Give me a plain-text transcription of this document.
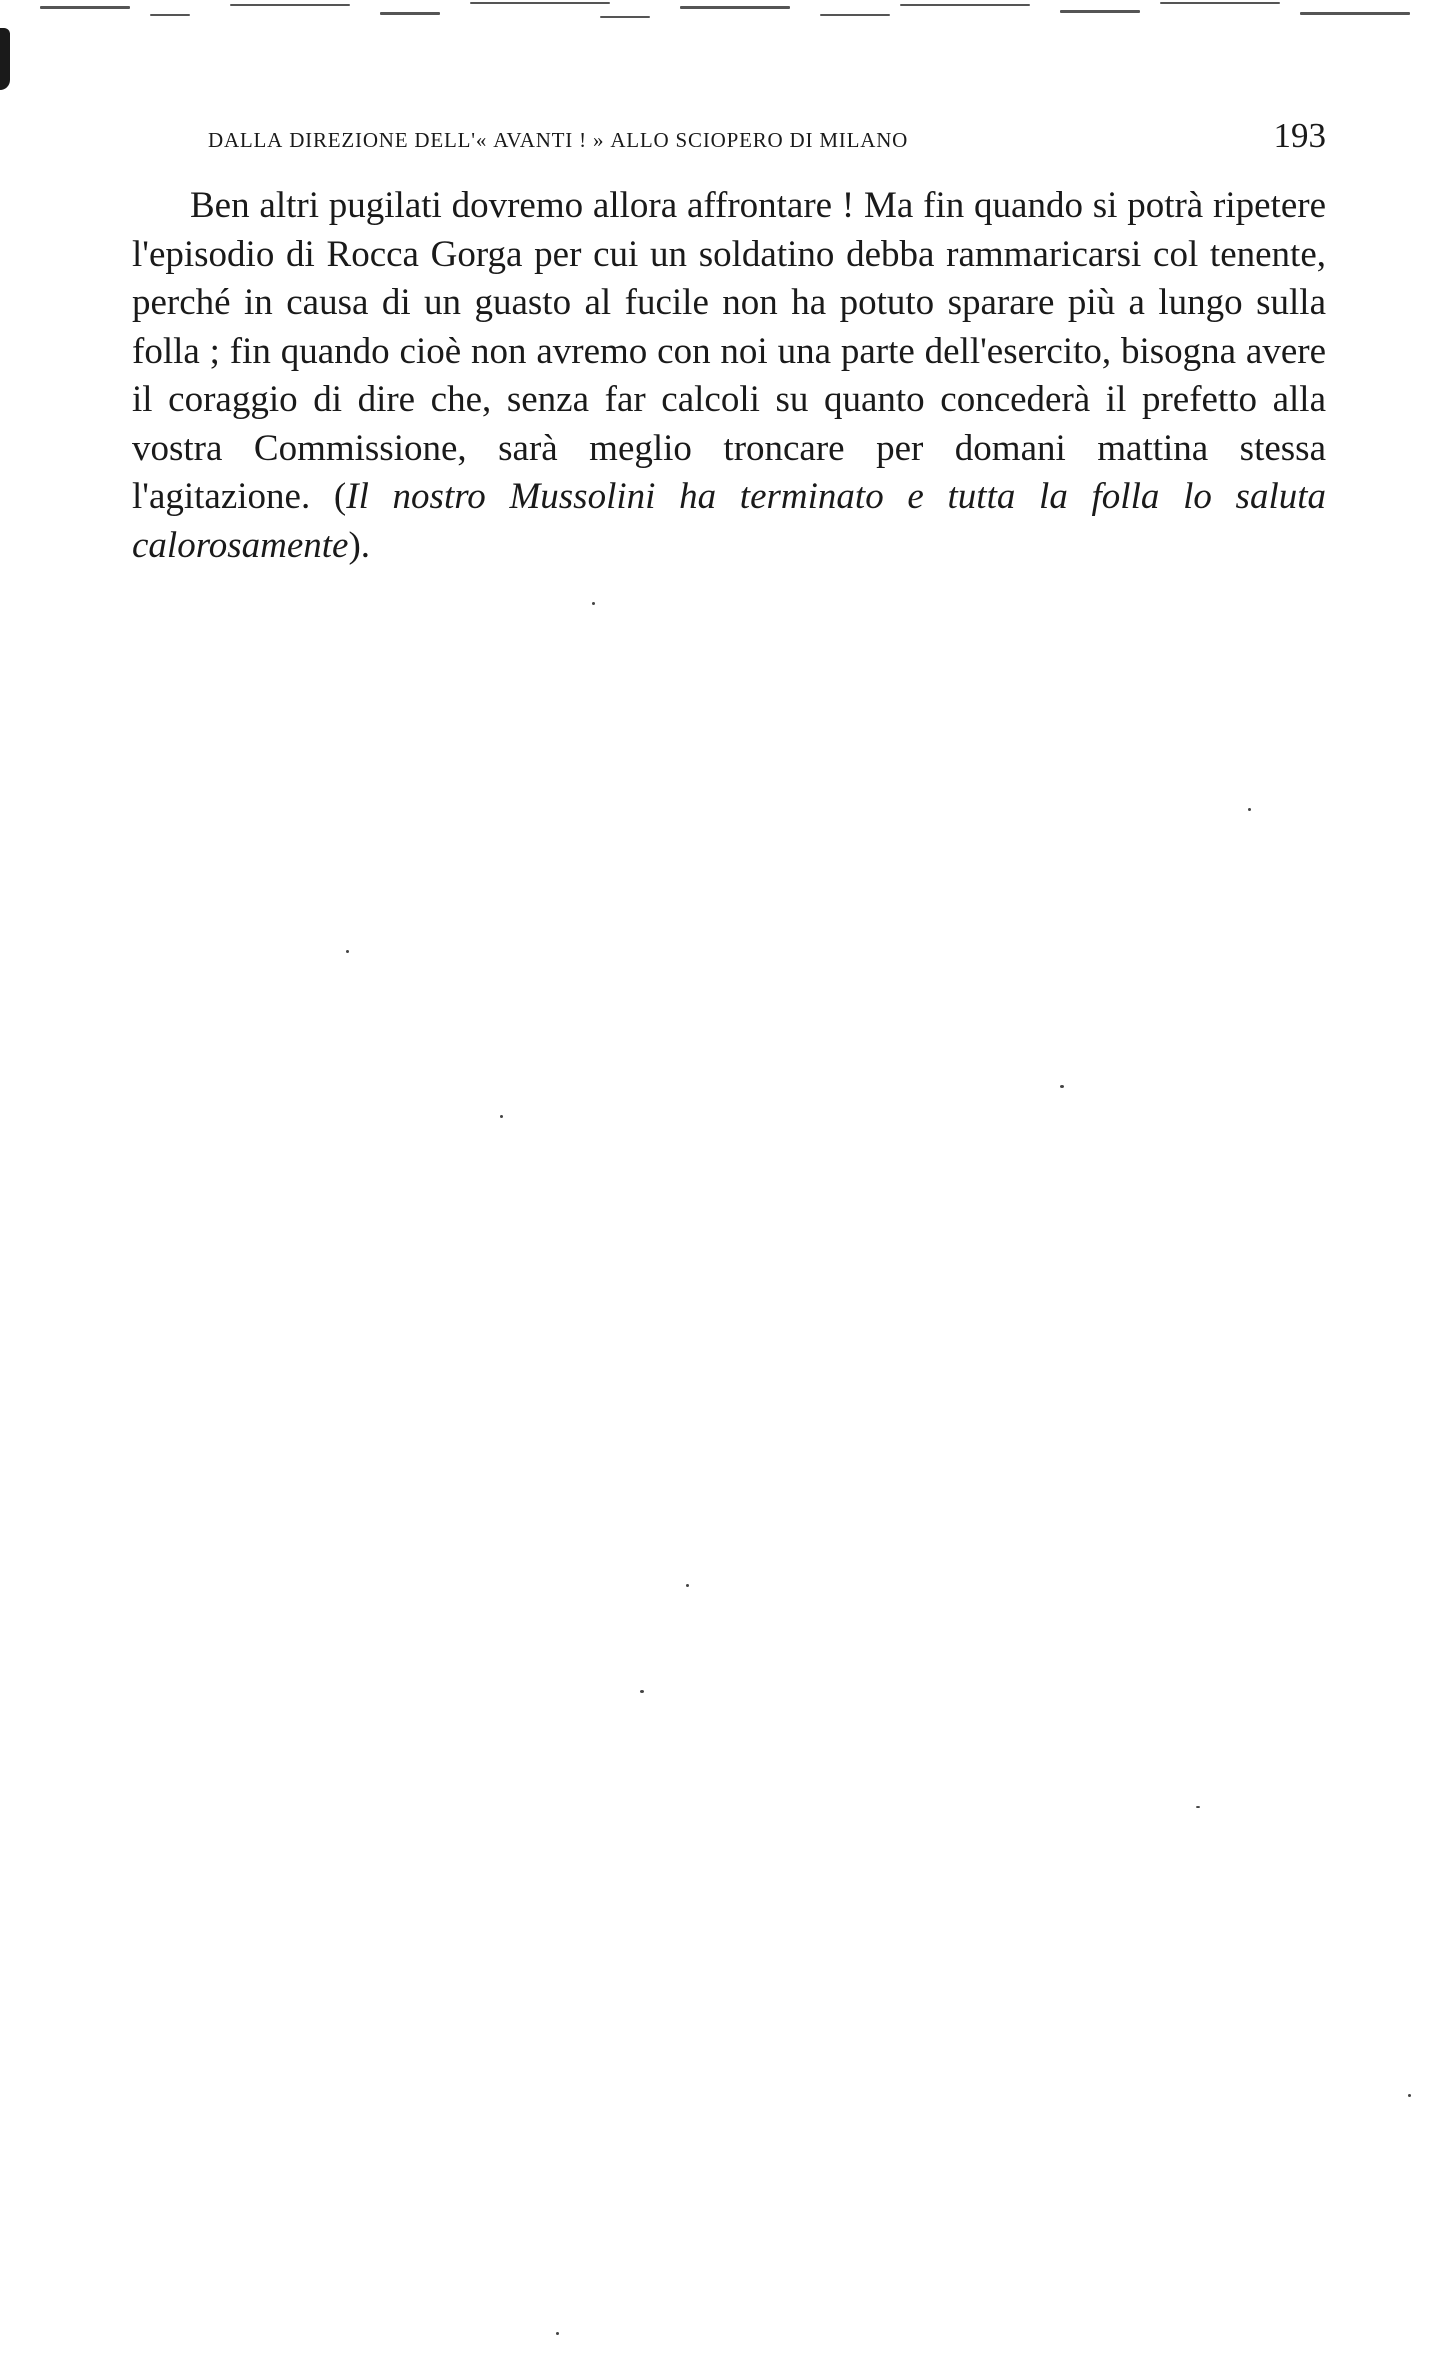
dalla direzione dell'« avanti ! » allo sciopero di milano	193

Ben altri pugilati dovremo allora affrontare ! Ma fin quando si potrà ripetere l'episodio di Rocca Gorga per cui un soldatino debba rammaricarsi col tenente, perché in causa di un guasto al fucile non ha potuto sparare più a lungo sulla folla ; fin quando cioè non avremo con noi una parte dell'esercito, bisogna avere il coraggio di dire che, senza far calcoli su quanto concederà il prefetto alla vostra Commissione, sarà meglio troncare per domani mattina stessa l'agitazione. (Il nostro Mussolini ha terminato e tutta la folla lo saluta calorosamente).
